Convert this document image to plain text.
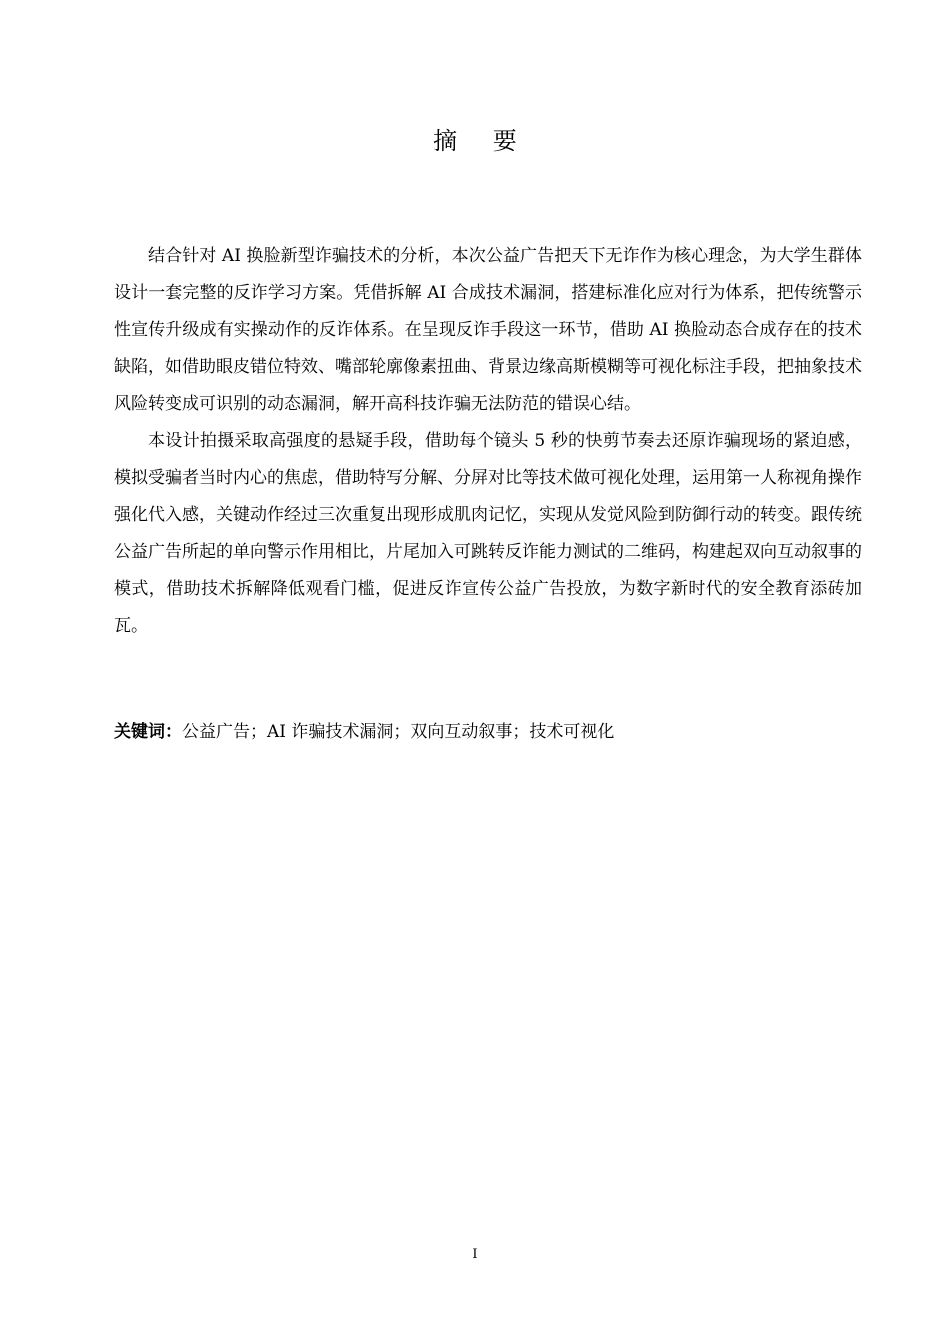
摘 要

结合针对 AI 换脸新型诈骗技术的分析，本次公益广告把天下无诈作为核心理念，为大学生群体设计一套完整的反诈学习方案。凭借拆解 AI 合成技术漏洞，搭建标准化应对行为体系，把传统警示性宣传升级成有实操动作的反诈体系。在呈现反诈手段这一环节，借助 AI 换脸动态合成存在的技术缺陷，如借助眼皮错位特效、嘴部轮廓像素扭曲、背景边缘高斯模糊等可视化标注手段，把抽象技术风险转变成可识别的动态漏洞，解开高科技诈骗无法防范的错误心结。

本设计拍摄采取高强度的悬疑手段，借助每个镜头 5 秒的快剪节奏去还原诈骗现场的紧迫感，模拟受骗者当时内心的焦虑，借助特写分解、分屏对比等技术做可视化处理，运用第一人称视角操作强化代入感，关键动作经过三次重复出现形成肌肉记忆，实现从发觉风险到防御行动的转变。跟传统公益广告所起的单向警示作用相比，片尾加入可跳转反诈能力测试的二维码，构建起双向互动叙事的模式，借助技术拆解降低观看门槛，促进反诈宣传公益广告投放，为数字新时代的安全教育添砖加瓦。

关键词：公益广告；AI 诈骗技术漏洞；双向互动叙事；技术可视化
I
